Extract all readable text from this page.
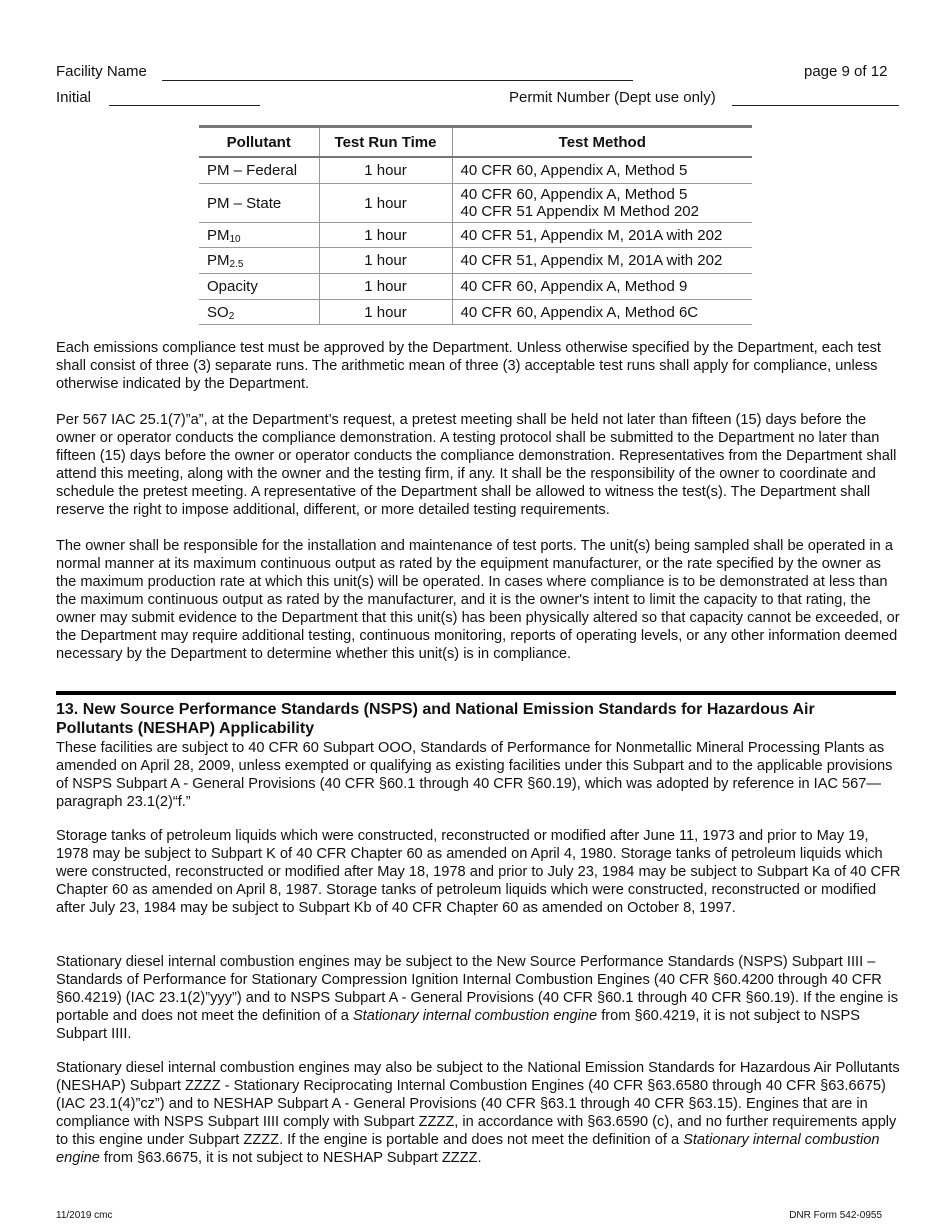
Facility Name	page 9 of 12
Initial	Permit Number (Dept use only)
Pollutant	Test Run Time	Test Method
PM – Federal	1 hour	40 CFR 60, Appendix A, Method 5
PM – State	1 hour	40 CFR 60, Appendix A, Method 5
40 CFR 51 Appendix M Method 202

$PM_{10}$	1 hour	40 CFR 51, Appendix M, 201A with 202
$PM_{2.5}$	1 hour	40 CFR 51, Appendix M, 201A with 202
Opacity	1 hour	40 CFR 60, Appendix A, Method 9
$SO_2$	1 hour	40 CFR 60, Appendix A, Method 6C

Each emissions compliance test must be approved by the Department. Unless otherwise specified by the Department, each test shall consist of three (3) separate runs. The arithmetic mean of three (3) acceptable test runs shall apply for compliance, unless otherwise indicated by the Department.

Per 567 IAC 25.1(7)”a”, at the Department’s request, a pretest meeting shall be held not later than fifteen (15) days before the owner or operator conducts the compliance demonstration. A testing protocol shall be submitted to the Department no later than fifteen (15) days before the owner or operator conducts the compliance demonstration. Representatives from the Department shall attend this meeting, along with the owner and the testing firm, if any. It shall be the responsibility of the owner to coordinate and schedule the pretest meeting. A representative of the Department shall be allowed to witness the test(s). The Department shall reserve the right to impose additional, different, or more detailed testing requirements.

The owner shall be responsible for the installation and maintenance of test ports. The unit(s) being sampled shall be operated in a normal manner at its maximum continuous output as rated by the equipment manufacturer, or the rate specified by the owner as the maximum production rate at which this unit(s) will be operated. In cases where compliance is to be demonstrated at less than the maximum continuous output as rated by the manufacturer, and it is the owner's intent to limit the capacity to that rating, the owner may submit evidence to the Department that this unit(s) has been physically altered so that capacity cannot be exceeded, or the Department may require additional testing, continuous monitoring, reports of operating levels, or any other information deemed necessary by the Department to determine whether this unit(s) is in compliance.

13. New Source Performance Standards (NSPS) and National Emission Standards for Hazardous Air Pollutants (NESHAP) Applicability

These facilities are subject to 40 CFR 60 Subpart OOO, Standards of Performance for Nonmetallic Mineral Processing Plants as amended on April 28, 2009, unless exempted or qualifying as existing facilities under this Subpart and to the applicable provisions of NSPS Subpart A - General Provisions (40 CFR §60.1 through 40 CFR §60.19), which was adopted by reference in IAC 567—paragraph 23.1(2)“f.”

Storage tanks of petroleum liquids which were constructed, reconstructed or modified after June 11, 1973 and prior to May 19, 1978 may be subject to Subpart K of 40 CFR Chapter 60 as amended on April 4, 1980. Storage tanks of petroleum liquids which were constructed, reconstructed or modified after May 18, 1978 and prior to July 23, 1984 may be subject to Subpart Ka of 40 CFR Chapter 60 as amended on April 8, 1987. Storage tanks of petroleum liquids which were constructed, reconstructed or modified after July 23, 1984 may be subject to Subpart Kb of 40 CFR Chapter 60 as amended on October 8, 1997.

Stationary diesel internal combustion engines may be subject to the New Source Performance Standards (NSPS) Subpart IIII – Standards of Performance for Stationary Compression Ignition Internal Combustion Engines (40 CFR §60.4200 through 40 CFR §60.4219) (IAC 23.1(2)”yyy”) and to NSPS Subpart A - General Provisions (40 CFR §60.1 through 40 CFR §60.19). If the engine is portable and does not meet the definition of a Stationary internal combustion engine from §60.4219, it is not subject to NSPS Subpart IIII.

Stationary diesel internal combustion engines may also be subject to the National Emission Standards for Hazardous Air Pollutants (NESHAP) Subpart ZZZZ - Stationary Reciprocating Internal Combustion Engines (40 CFR §63.6580 through 40 CFR §63.6675) (IAC 23.1(4)”cz”) and to NESHAP Subpart A - General Provisions (40 CFR §63.1 through 40 CFR §63.15). Engines that are in compliance with NSPS Subpart IIII comply with Subpart ZZZZ, in accordance with §63.6590 (c), and no further requirements apply to this engine under Subpart ZZZZ. If the engine is portable and does not meet the definition of a Stationary internal combustion engine from §63.6675, it is not subject to NESHAP Subpart ZZZZ.

11/2019 cmc	DNR Form 542-0955
